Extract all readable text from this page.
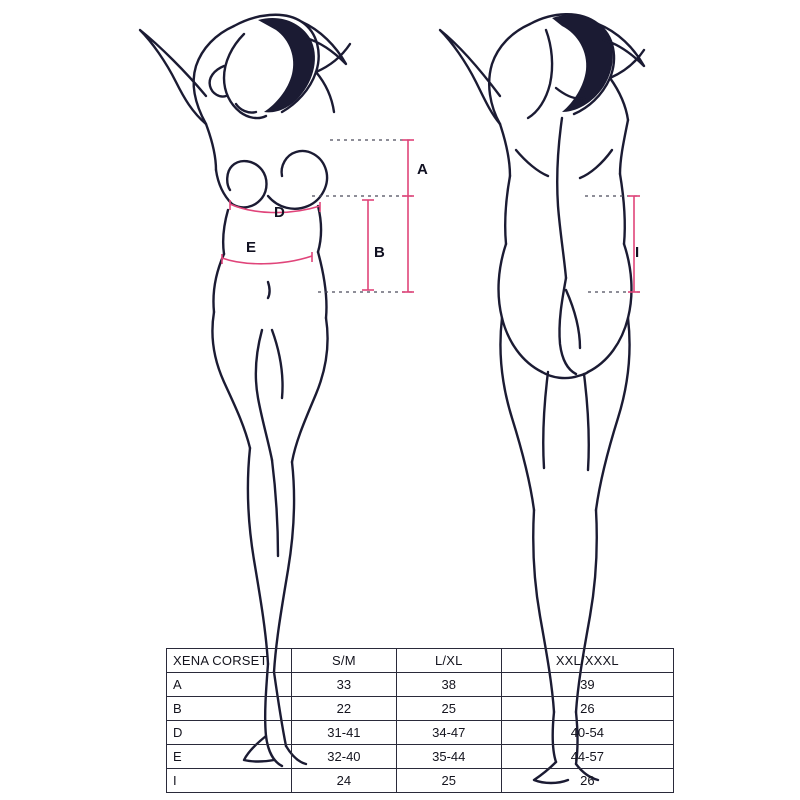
A
B
D
E	I
XENA CORSET	S/M	L/XL	XXL/XXXL
A	33	38	39
B	22	25	26
D	31-41	34-47	40-54
E	32-40	35-44	44-57
I	24	25	26
